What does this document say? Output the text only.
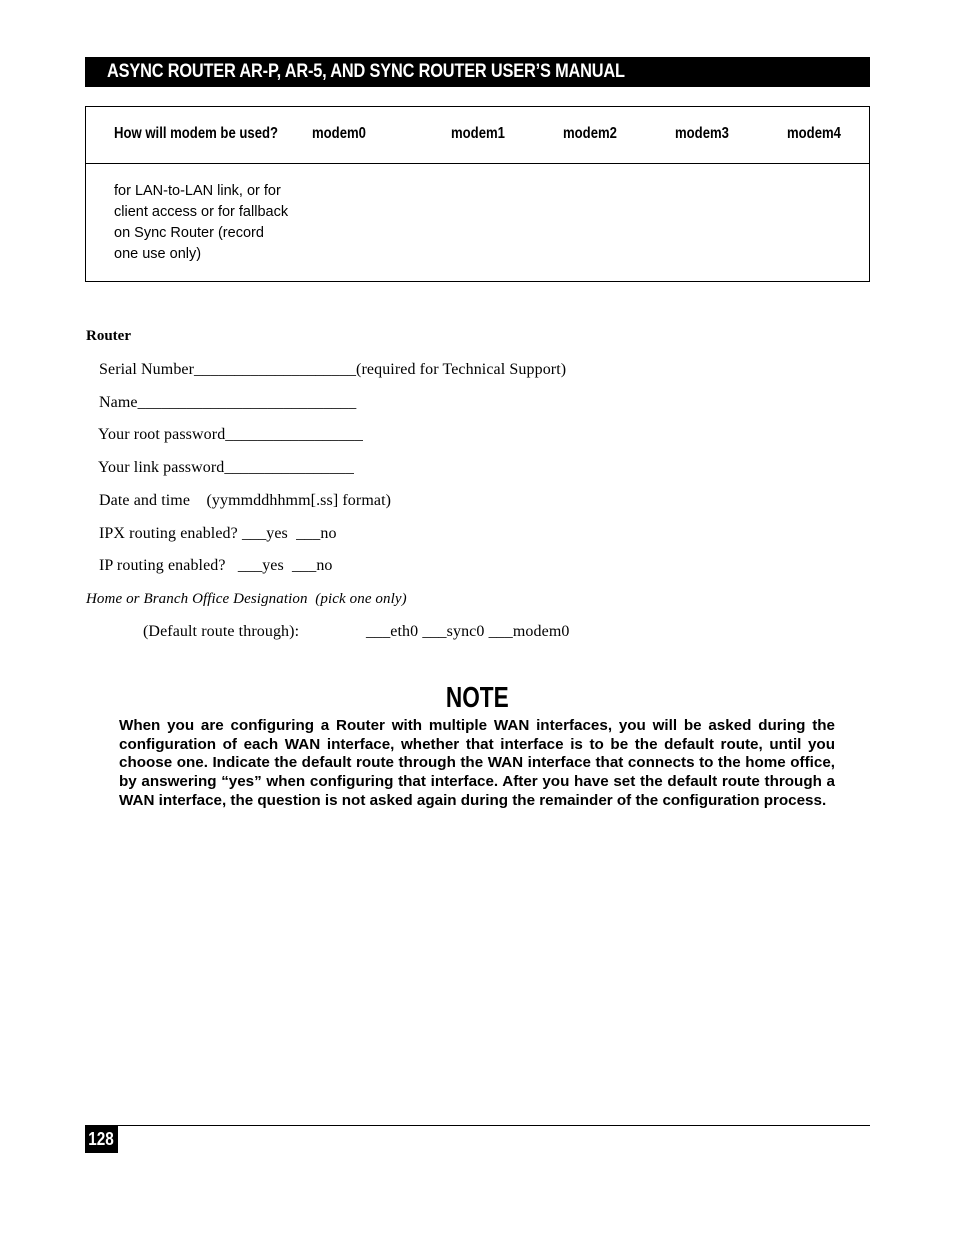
ASYNC ROUTER AR-P, AR-5, AND SYNC ROUTER USER’S MANUAL
How will modem be used? modem0	modem1	modem2	modem3	modem4
for LAN-to-LAN link, or for
client access or for fallback
on Sync Router (record
one use only)
Router
Serial Number____________________(required for Technical Support)
Name___________________________
Your root password_________________
Your link password________________
Date and time    (yymmddhhmm[.ss] format)
IPX routing enabled? ___yes  ___no
IP routing enabled?   ___yes  ___no
Home or Branch Office Designation  (pick one only)
(Default route through):	___eth0 ___sync0 ___modem0
NOTE
When you are configuring a Router with multiple WAN interfaces, you will be asked during the configuration of each WAN interface, whether that interface is to be the default route, until you choose one. Indicate the default route through the WAN interface that connects to the home office, by answering “yes” when configuring that interface. After you have set the default route through a WAN interface, the question is not asked again during the remainder of the configuration process.
128
